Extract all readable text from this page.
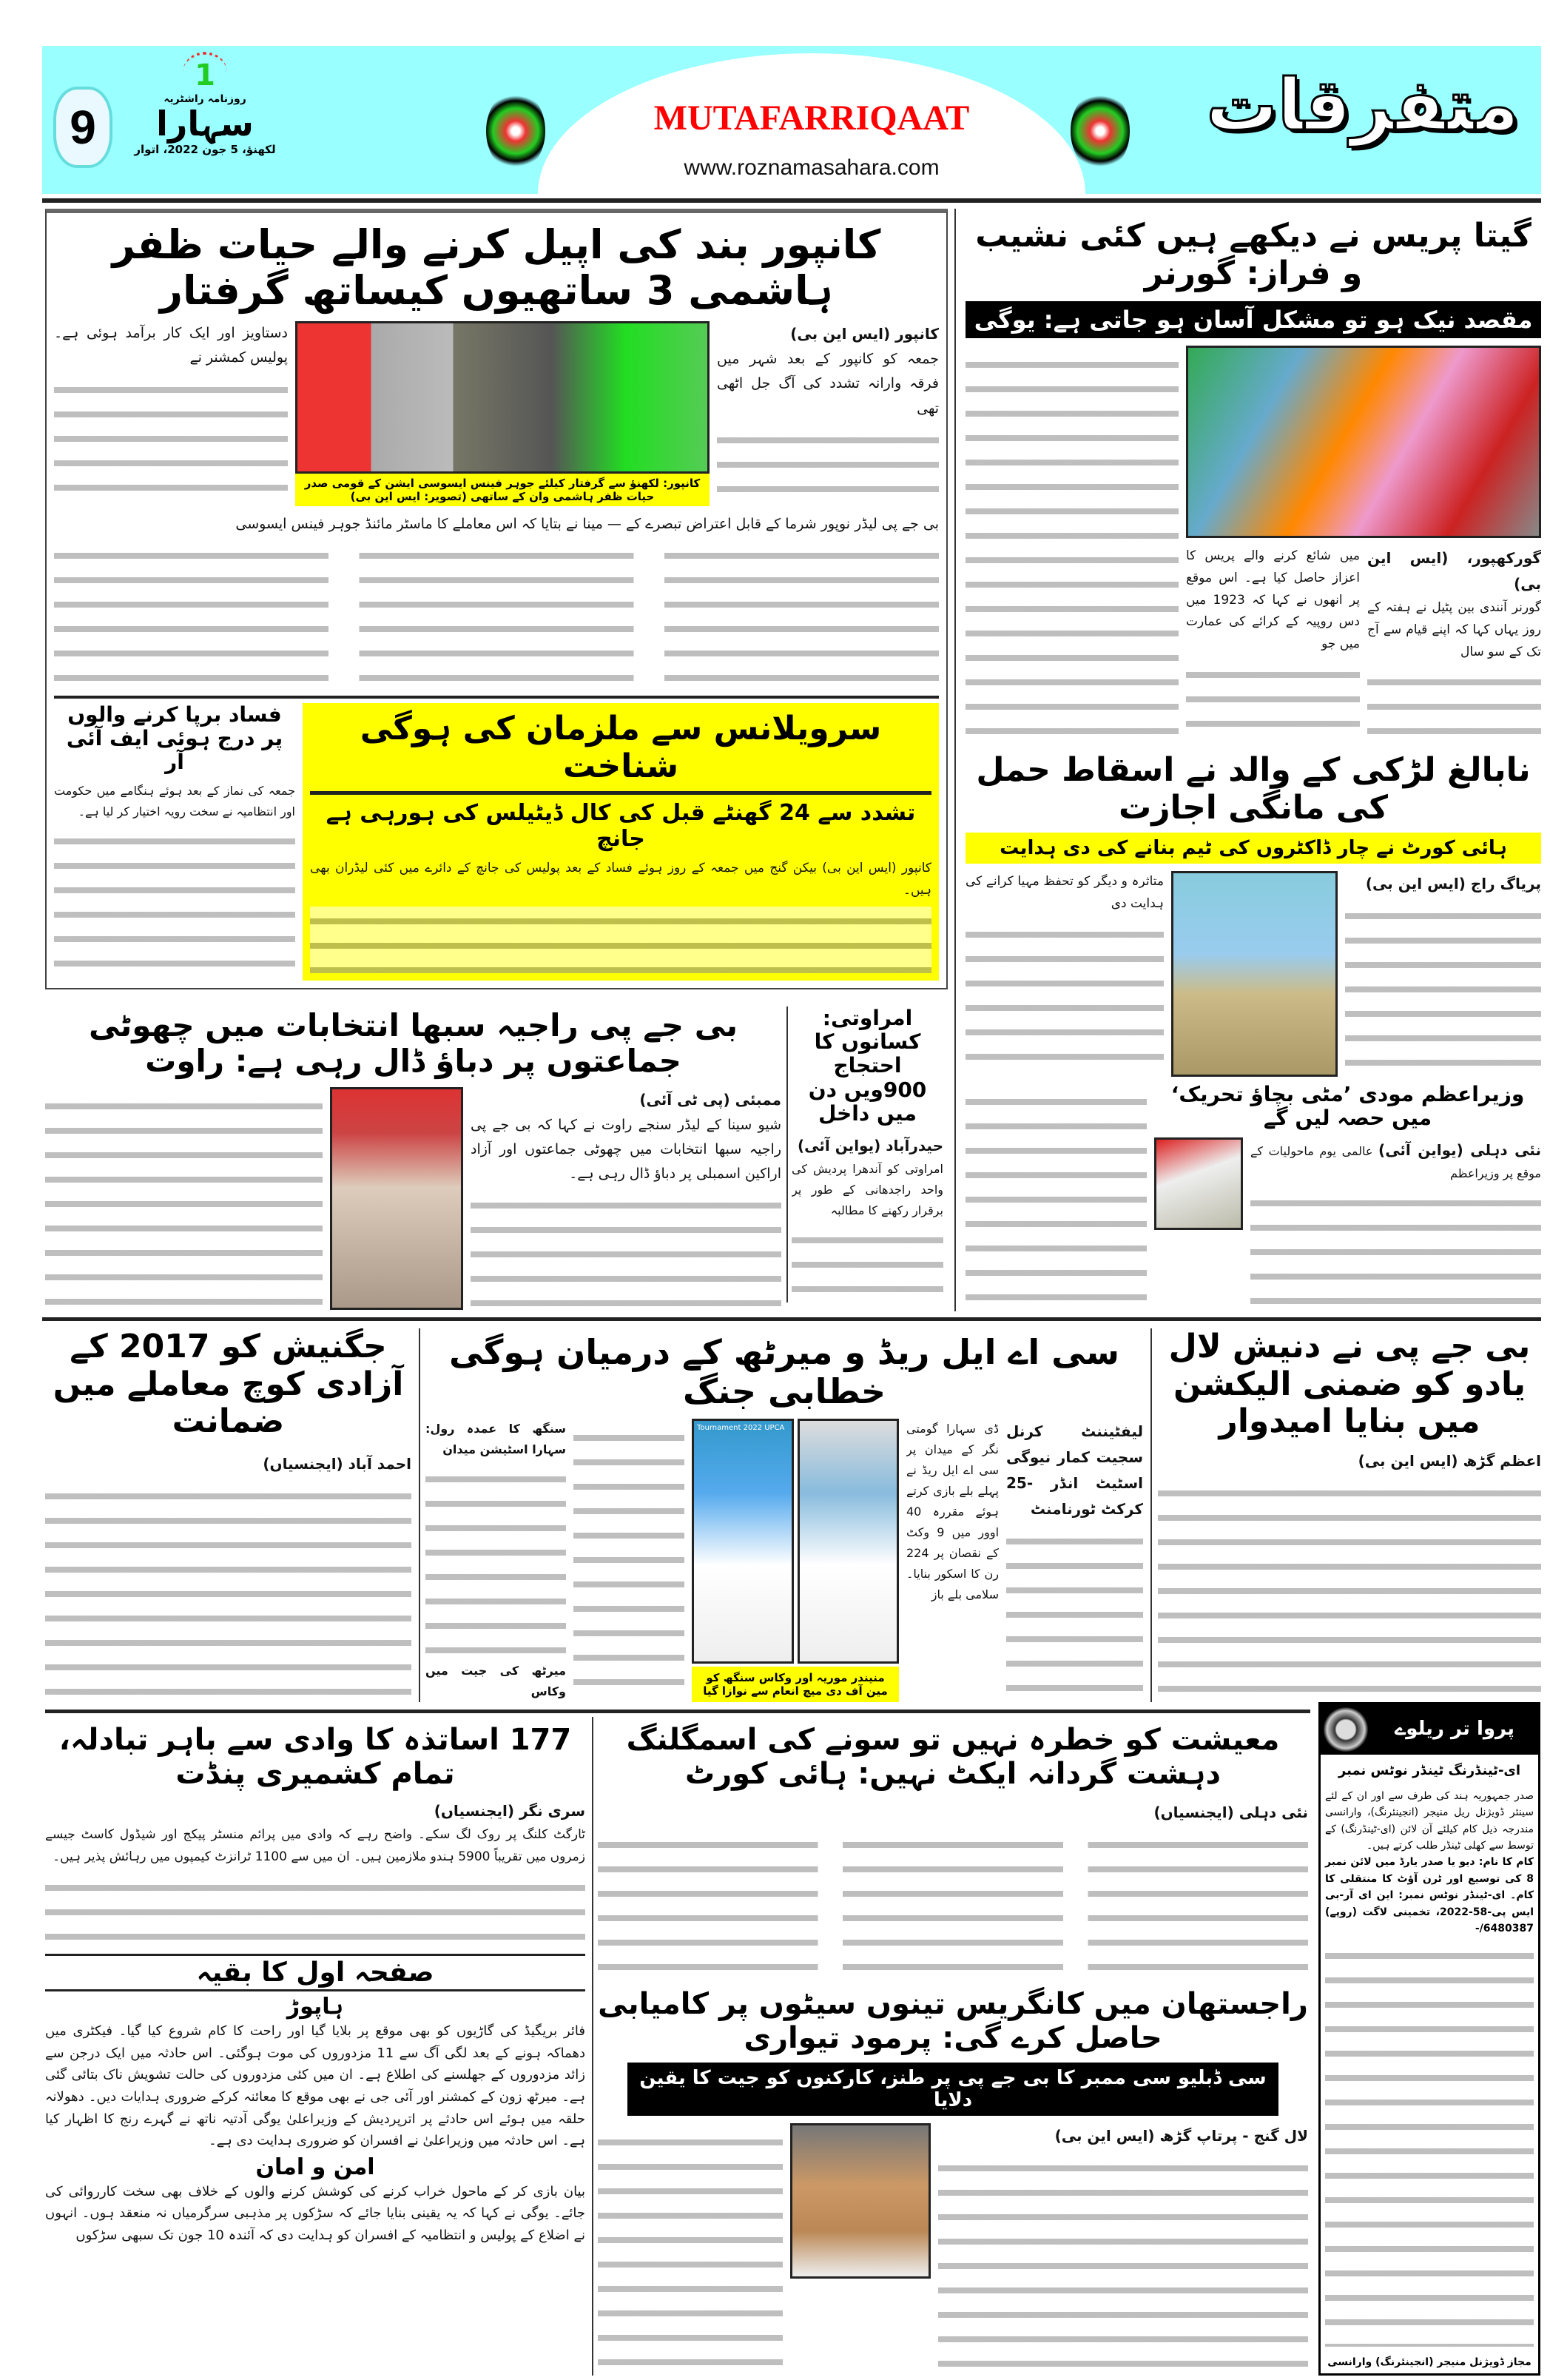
MUTAFARRIQAAT
www.roznamasahara.com
متفرقات
9
1
روزنامہ راشٹریہ
سہارا
لکھنؤ، 5 جون 2022، اتوار
کانپور بند کی اپیل کرنے والے حیات ظفر ہاشمی 3 ساتھیوں کیساتھ گرفتار
کانپور (ایس این بی)
جمعہ کو کانپور کے بعد شہر میں فرقہ وارانہ تشدد کی آگ جل اٹھی تھی
کانپور: لکھنؤ سے گرفتار کیلئے جوہر فینس ایسوسی ایشن کے قومی صدر حیات ظفر ہاشمی وان کے ساتھی (تصویر: ایس این بی)
دستاویز اور ایک کار برآمد ہوئی ہے۔ پولیس کمشنر نے
بی جے پی لیڈر نوپور شرما کے قابل اعتراض تبصرے کے — مینا نے بتایا کہ اس معاملے کا ماسٹر مائنڈ جوہر فینس ایسوسی
سرویلانس سے ملزمان کی ہوگی شناخت
تشدد سے 24 گھنٹے قبل کی کال ڈیٹیلس کی ہورہی ہے جانچ
کانپور (ایس این بی) بیکن گنج میں جمعہ کے روز ہوئے فساد کے بعد پولیس کی جانچ کے دائرے میں کئی لیڈران بھی ہیں۔
فساد برپا کرنے والوں پر درج ہوئی ایف آئی آر
جمعہ کی نماز کے بعد ہوئے ہنگامے میں حکومت اور انتظامیہ نے سخت رویہ اختیار کر لیا ہے۔
بی جے پی راجیہ سبھا انتخابات میں چھوٹی جماعتوں پر دباؤ ڈال رہی ہے: راوت
ممبئی (پی ٹی آئی)
شیو سینا کے لیڈر سنجے راوت نے کہا کہ بی جے پی راجیہ سبھا انتخابات میں چھوٹی جماعتوں اور آزاد اراکین اسمبلی پر دباؤ ڈال رہی ہے۔
امراوتی: کسانوں کا احتجاج 900ویں دن میں داخل
حیدرآباد (یواین آئی)
امراوتی کو آندھرا پردیش کی واحد راجدھانی کے طور پر برقرار رکھنے کا مطالبہ
گیتا پریس نے دیکھے ہیں کئی نشیب و فراز: گورنر
مقصد نیک ہو تو مشکل آسان ہو جاتی ہے: یوگی
گورکھپور، (ایس این بی)
گورنر آنندی بین پٹیل نے ہفتہ کے روز یہاں کہا کہ اپنے قیام سے آج تک کے سو سال
میں شائع کرنے والے پریس کا اعزاز حاصل کیا ہے۔ اس موقع پر انھوں نے کہا کہ 1923 میں دس روپیہ کے کرائے کی عمارت میں جو
نابالغ لڑکی کے والد نے اسقاط حمل کی مانگی اجازت
ہائی کورٹ نے چار ڈاکٹروں کی ٹیم بنانے کی دی ہدایت
پریاگ راج (ایس این بی)
متاثرہ و دیگر کو تحفظ مہیا کرانے کی ہدایت دی
وزیراعظم مودی ’مٹی بچاؤ تحریک‘ میں حصہ لیں گے
نئی دہلی (یواین آئی) عالمی یوم ماحولیات کے موقع پر وزیراعظم
بی جے پی نے دنیش لال یادو کو ضمنی الیکشن میں بنایا امیدوار
اعظم گڑھ (ایس این بی)
سی اے ایل ریڈ و میرٹھ کے درمیان ہوگی خطابی جنگ
لیفٹیننٹ کرنل سجیت کمار نیوگی اسٹیٹ انڈر -25 کرکٹ ٹورنامنٹ
ڈی سہارا گومتی نگر کے میدان پر سی اے ایل ریڈ نے پہلے بلے بازی کرتے ہوئے مقررہ 40 اوور میں 9 وکٹ کے نقصان پر 224 رن کا اسکور بنایا۔ سلامی بلے باز
Tournament 2022 UPCA
منیندر موریہ اور وکاس سنگھ کو مین آف دی میچ انعام سے نوازا گیا
سنگھ کا عمدہ رول: سہارا اسٹیشن میدان
میرٹھ کی جیت میں وکاس
جگنیش کو 2017 کے آزادی کوچ معاملے میں ضمانت
احمد آباد (ایجنسیاں)
معیشت کو خطرہ نہیں تو سونے کی اسمگلنگ دہشت گردانہ ایکٹ نہیں: ہائی کورٹ
نئی دہلی (ایجنسیاں)
راجستھان میں کانگریس تینوں سیٹوں پر کامیابی حاصل کرے گی: پرمود تیواری
سی ڈبلیو سی ممبر کا بی جے پی پر طنز، کارکنوں کو جیت کا یقین دلایا
لال گنج - پرتاپ گڑھ (ایس این بی)
177 اساتذہ کا وادی سے باہر تبادلہ، تمام کشمیری پنڈت
سری نگر (ایجنسیاں)
ٹارگٹ کلنگ پر روک لگ سکے۔ واضح رہے کہ وادی میں پرائم منسٹر پیکج اور شیڈول کاسٹ جیسے زمروں میں تقریباً 5900 ہندو ملازمین ہیں۔ ان میں سے 1100 ٹرانزٹ کیمپوں میں رہائش پذیر ہیں۔
صفحہ اول کا بقیہ
ہاپوڑ
فائر بریگیڈ کی گاڑیوں کو بھی موقع پر بلایا گیا اور راحت کا کام شروع کیا گیا۔ فیکٹری میں دھماکہ ہونے کے بعد لگی آگ سے 11 مزدوروں کی موت ہوگئی۔ اس حادثہ میں ایک درجن سے زائد مزدوروں کے جھلسنے کی اطلاع ہے۔ ان میں کئی مزدوروں کی حالت تشویش ناک بتائی گئی ہے۔ میرٹھ زون کے کمشنر اور آئی جی نے بھی موقع کا معائنہ کرکے ضروری ہدایات دیں۔ دھولانہ حلقہ میں ہوئے اس حادثے پر اترپردیش کے وزیراعلیٰ یوگی آدتیہ ناتھ نے گہرے رنج کا اظہار کیا ہے۔ اس حادثہ میں وزیراعلیٰ نے افسران کو ضروری ہدایت دی ہے۔
امن و امان
بیان بازی کر کے ماحول خراب کرنے کی کوشش کرنے والوں کے خلاف بھی سخت کارروائی کی جائے۔ یوگی نے کہا کہ یہ یقینی بنایا جائے کہ سڑکوں پر مذہبی سرگرمیاں نہ منعقد ہوں۔ انہوں نے اضلاع کے پولیس و انتظامیہ کے افسران کو ہدایت دی کہ آئندہ 10 جون تک سبھی سڑکوں
پروا تر ریلوے
ای-ٹینڈرنگ ٹینڈر نوٹس نمبر
صدر جمہوریہ ہند کی طرف سے اور ان کے لئے سینئر ڈویژنل ریل منیجر (انجینئرنگ)، وارانسی مندرجہ ذیل کام کیلئے آن لائن (ای-ٹینڈرنگ) کے توسط سے کھلی ٹینڈر طلب کرتے ہیں۔
کام کا نام: دیو یا صدر یارڈ میں لائن نمبر 8 کی توسیع اور ٹرن آؤٹ کا منتقلی کا کام۔ ای-ٹینڈر نوٹس نمبر: این ای آر-بی ایس پی-58-2022، تخمینی لاگت (روپے) 6480387/-
مجاز ڈویژنل منیجر (انجینئرنگ) وارانسی
